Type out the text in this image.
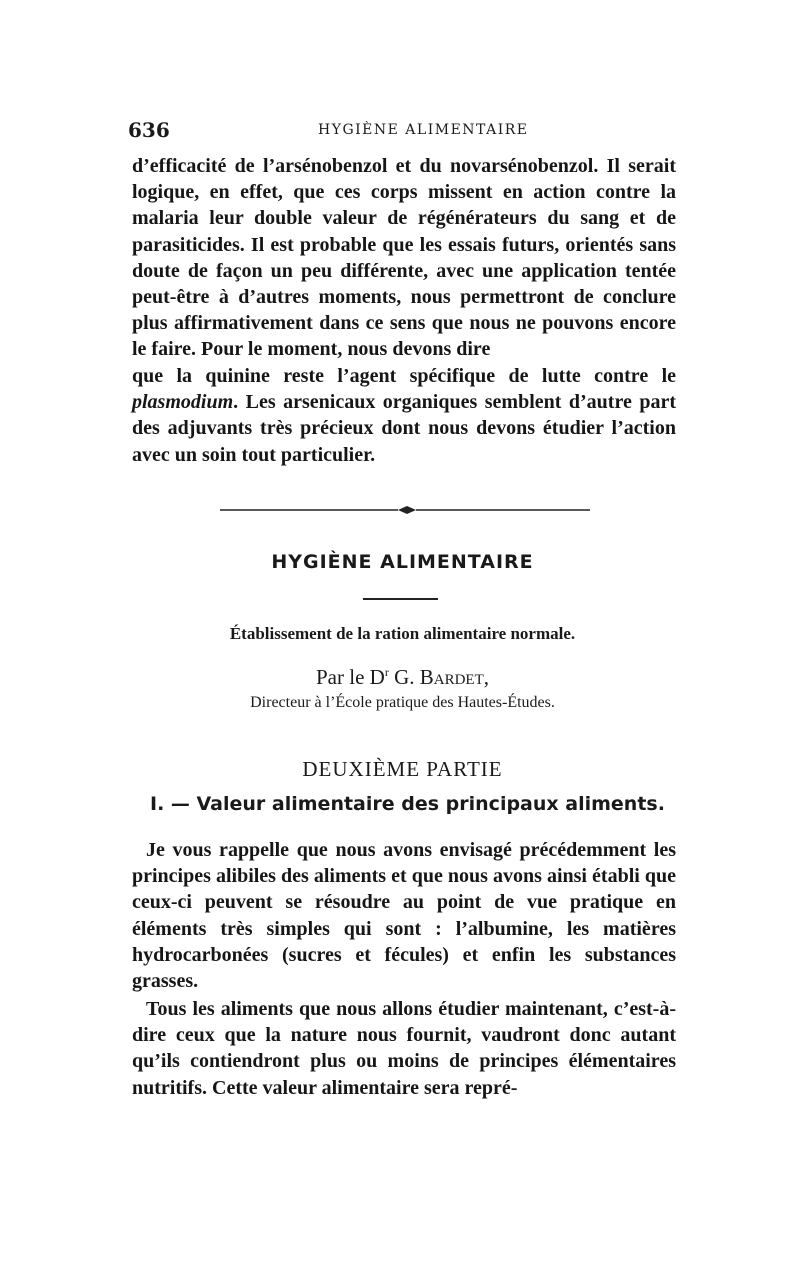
636	HYGIÈNE ALIMENTAIRE

d’efficacité de l’arsénobenzol et du novarsénobenzol. Il serait logique, en effet, que ces corps missent en action contre la malaria leur double valeur de régénérateurs du sang et de parasiticides. Il est probable que les essais futurs, orientés sans doute de façon un peu différente, avec une application tentée peut-être à d’autres moments, nous permettront de conclure plus affirmativement dans ce sens que nous ne pouvons encore le faire. Pour le moment, nous devons dire

que la quinine reste l’agent spécifique de lutte contre le plasmodium. Les arsenicaux organiques semblent d’autre part des adjuvants très précieux dont nous devons étudier l’action avec un soin tout particulier.

HYGIÈNE ALIMENTAIRE
Établissement de la ration alimentaire normale.
Par le $D^r$ G. Bardet,
Directeur à l’École pratique des Hautes-Études.
DEUXIÈME PARTIE
I. — Valeur alimentaire des principaux aliments.

Je vous rappelle que nous avons envisagé précédemment les principes alibiles des aliments et que nous avons ainsi établi que ceux-ci peuvent se résoudre au point de vue pratique en éléments très simples qui sont : l’albumine, les matières hydrocarbonées (sucres et fécules) et enfin les substances grasses.

Tous les aliments que nous allons étudier maintenant, c’est-à-dire ceux que la nature nous fournit, vaudront donc autant qu’ils contiendront plus ou moins de principes élémentaires nutritifs. Cette valeur alimentaire sera repré-
